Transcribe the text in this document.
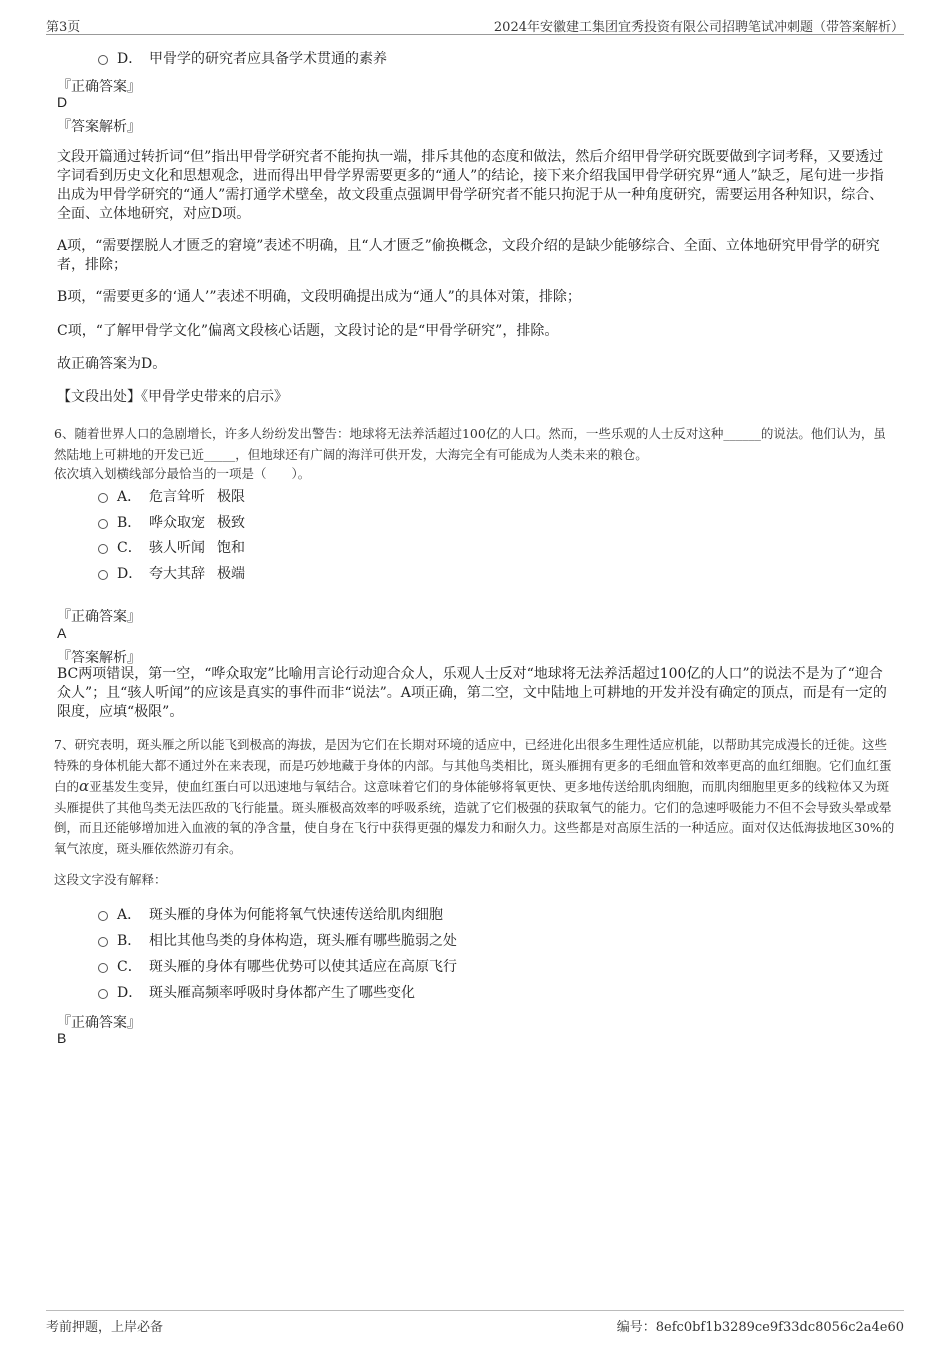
第3页	2024年安徽建工集团宜秀投资有限公司招聘笔试冲刺题（带答案解析）
D． 甲骨学的研究者应具备学术贯通的素养
『正确答案』
D
『答案解析』
文段开篇通过转折词“但”指出甲骨学研究者不能拘执一端，排斥其他的态度和做法，然后介绍甲骨学研究既要做到字词考释，又要透过字词看到历史文化和思想观念，进而得出甲骨学界需要更多的“通人”的结论，接下来介绍我国甲骨学研究界“通人”缺乏，尾句进一步指出成为甲骨学研究的“通人”需打通学术壁垒，故文段重点强调甲骨学研究者不能只拘泥于从一种角度研究，需要运用各种知识，综合、全面、立体地研究，对应D项。
A项，“需要摆脱人才匮乏的窘境”表述不明确，且“人才匮乏”偷换概念，文段介绍的是缺少能够综合、全面、立体地研究甲骨学的研究者，排除；
B项，“需要更多的‘通人’”表述不明确，文段明确提出成为“通人”的具体对策，排除；
C项，“了解甲骨学文化”偏离文段核心话题，文段讨论的是“甲骨学研究”，排除。
故正确答案为D。
【文段出处】《甲骨学史带来的启示》
6、随着世界人口的急剧增长，许多人纷纷发出警告：地球将无法养活超过100亿的人口。然而，一些乐观的人士反对这种______的说法。他们认为，虽然陆地上可耕地的开发已近_____，但地球还有广阔的海洋可供开发，大海完全有可能成为人类未来的粮仓。
依次填入划横线部分最恰当的一项是（　　）。
A． 危言耸听 极限
B． 哗众取宠 极致
C． 骇人听闻 饱和
D． 夸大其辞 极端
『正确答案』
A
『答案解析』
BC两项错误，第一空，“哗众取宠”比喻用言论行动迎合众人，乐观人士反对“地球将无法养活超过100亿的人口”的说法不是为了“迎合众人”；且“骇人听闻”的应该是真实的事件而非“说法”。A项正确，第二空，文中陆地上可耕地的开发并没有确定的顶点，而是有一定的限度，应填“极限”。
7、研究表明，斑头雁之所以能飞到极高的海拔，是因为它们在长期对环境的适应中，已经进化出很多生理性适应机能，以帮助其完成漫长的迁徙。这些特殊的身体机能大都不通过外在来表现，而是巧妙地藏于身体的内部。与其他鸟类相比，斑头雁拥有更多的毛细血管和效率更高的血红细胞。它们血红蛋白的α亚基发生变异，使血红蛋白可以迅速地与氧结合。这意味着它们的身体能够将氧更快、更多地传送给肌肉细胞，而肌肉细胞里更多的线粒体又为斑头雁提供了其他鸟类无法匹敌的飞行能量。斑头雁极高效率的呼吸系统，造就了它们极强的获取氧气的能力。它们的急速呼吸能力不但不会导致头晕或晕倒，而且还能够增加进入血液的氧的净含量，使自身在飞行中获得更强的爆发力和耐久力。这些都是对高原生活的一种适应。面对仅达低海拔地区30%的氧气浓度，斑头雁依然游刃有余。
这段文字没有解释：
A． 斑头雁的身体为何能将氧气快速传送给肌肉细胞
B． 相比其他鸟类的身体构造，斑头雁有哪些脆弱之处
C． 斑头雁的身体有哪些优势可以使其适应在高原飞行
D． 斑头雁高频率呼吸时身体都产生了哪些变化
『正确答案』
B
考前押题，上岸必备	编号：8efc0bf1b3289ce9f33dc8056c2a4e60
